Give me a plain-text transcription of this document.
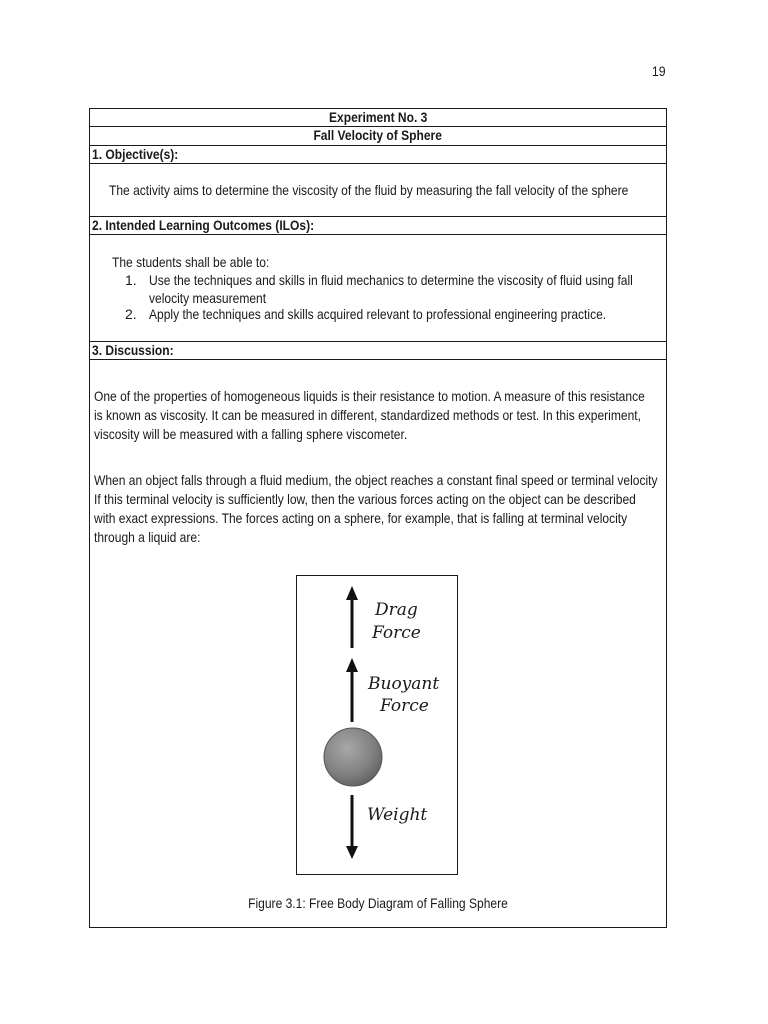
19
Experiment No. 3
Fall Velocity of Sphere
1. Objective(s):
The activity aims to determine the viscosity of the fluid by measuring the fall velocity of the sphere
2. Intended Learning Outcomes (ILOs):
The students shall be able to:
1. Use the techniques and skills in fluid mechanics to determine the viscosity of fluid using fall
velocity measurement
2. Apply the techniques and skills acquired relevant to professional engineering practice.
3. Discussion:
One of the properties of homogeneous liquids is their resistance to motion. A measure of this resistance
is known as viscosity. It can be measured in different, standardized methods or test. In this experiment,
viscosity will be measured with a falling sphere viscometer.
When an object falls through a fluid medium, the object reaches a constant final speed or terminal velocity
If this terminal velocity is sufficiently low, then the various forces acting on the object can be described
with exact expressions. The forces acting on a sphere, for example, that is falling at terminal velocity
through a liquid are:
Drag
Force
Buoyant
Force
Weight
Figure 3.1: Free Body Diagram of Falling Sphere
